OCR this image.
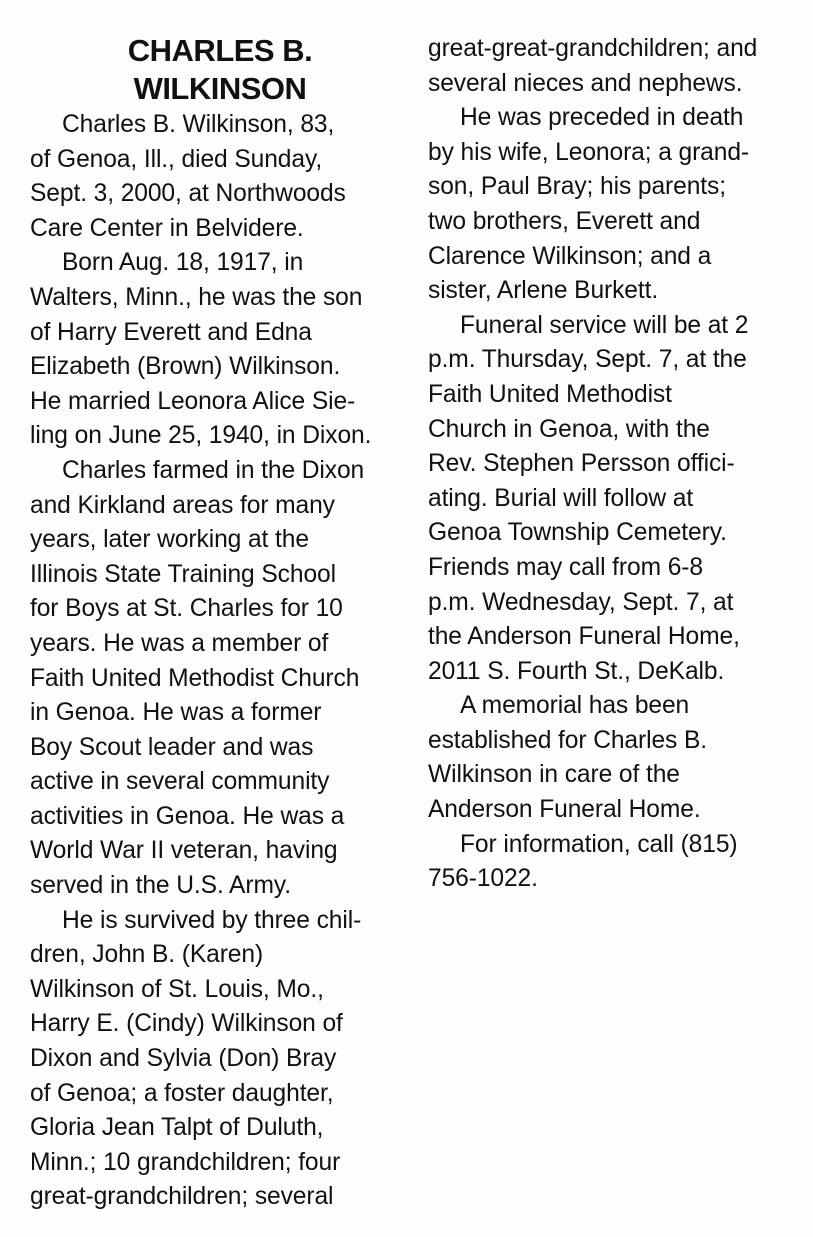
CHARLES B.
WILKINSON
Charles B. Wilkinson, 83,
of Genoa, Ill., died Sunday,
Sept. 3, 2000, at Northwoods
Care Center in Belvidere.
Born Aug. 18, 1917, in
Walters, Minn., he was the son
of Harry Everett and Edna
Elizabeth (Brown) Wilkinson.
He married Leonora Alice Sie-
ling on June 25, 1940, in Dixon.
Charles farmed in the Dixon
and Kirkland areas for many
years, later working at the
Illinois State Training School
for Boys at St. Charles for 10
years. He was a member of
Faith United Methodist Church
in Genoa. He was a former
Boy Scout leader and was
active in several community
activities in Genoa. He was a
World War II veteran, having
served in the U.S. Army.
He is survived by three chil-
dren, John B. (Karen)
Wilkinson of St. Louis, Mo.,
Harry E. (Cindy) Wilkinson of
Dixon and Sylvia (Don) Bray
of Genoa; a foster daughter,
Gloria Jean Talpt of Duluth,
Minn.; 10 grandchildren; four
great-grandchildren; several
great-great-grandchildren; and
several nieces and nephews.
He was preceded in death
by his wife, Leonora; a grand-
son, Paul Bray; his parents;
two brothers, Everett and
Clarence Wilkinson; and a
sister, Arlene Burkett.
Funeral service will be at 2
p.m. Thursday, Sept. 7, at the
Faith United Methodist
Church in Genoa, with the
Rev. Stephen Persson offici-
ating. Burial will follow at
Genoa Township Cemetery.
Friends may call from 6-8
p.m. Wednesday, Sept. 7, at
the Anderson Funeral Home,
2011 S. Fourth St., DeKalb.
A memorial has been
established for Charles B.
Wilkinson in care of the
Anderson Funeral Home.
For information, call (815)
756-1022.
